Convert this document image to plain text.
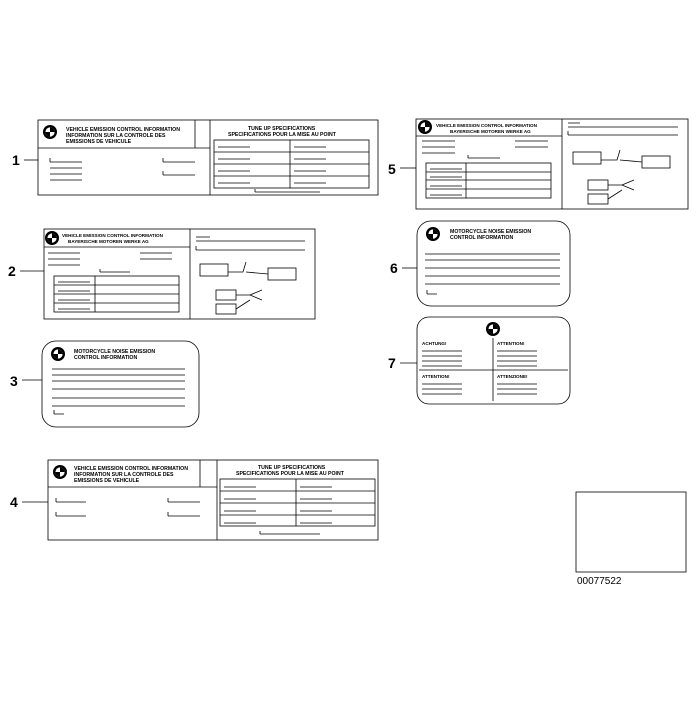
1
VEHICLE EMISSION CONTROL INFORMATION
INFORMATION SUR LA CONTROLE DES
EMISSIONS DE VEHICULE
TUNE UP SPECIFICATIONS
SPECIFICATIONS POUR LA MISE AU POINT
2
VEHICLE EMISSION CONTROL INFORMATION
BAYERISCHE MOTOREN WERKE AG
3
MOTORCYCLE NOISE EMISSION
CONTROL INFORMATION
4
VEHICLE EMISSION CONTROL INFORMATION
INFORMATION SUR LA CONTROLE DES
EMISSIONS DE VEHICULE
TUNE UP SPECIFICATIONS
SPECIFICATIONS POUR LA MISE AU POINT
5
VEHICLE EMISSION CONTROL INFORMATION
BAYERISCHE MOTOREN WERKE AG
6
MOTORCYCLE NOISE EMISSION
CONTROL INFORMATION
7
ACHTUNG!	ATTENTION!
ATTENTION!	ATTENZIONE!
00077522
